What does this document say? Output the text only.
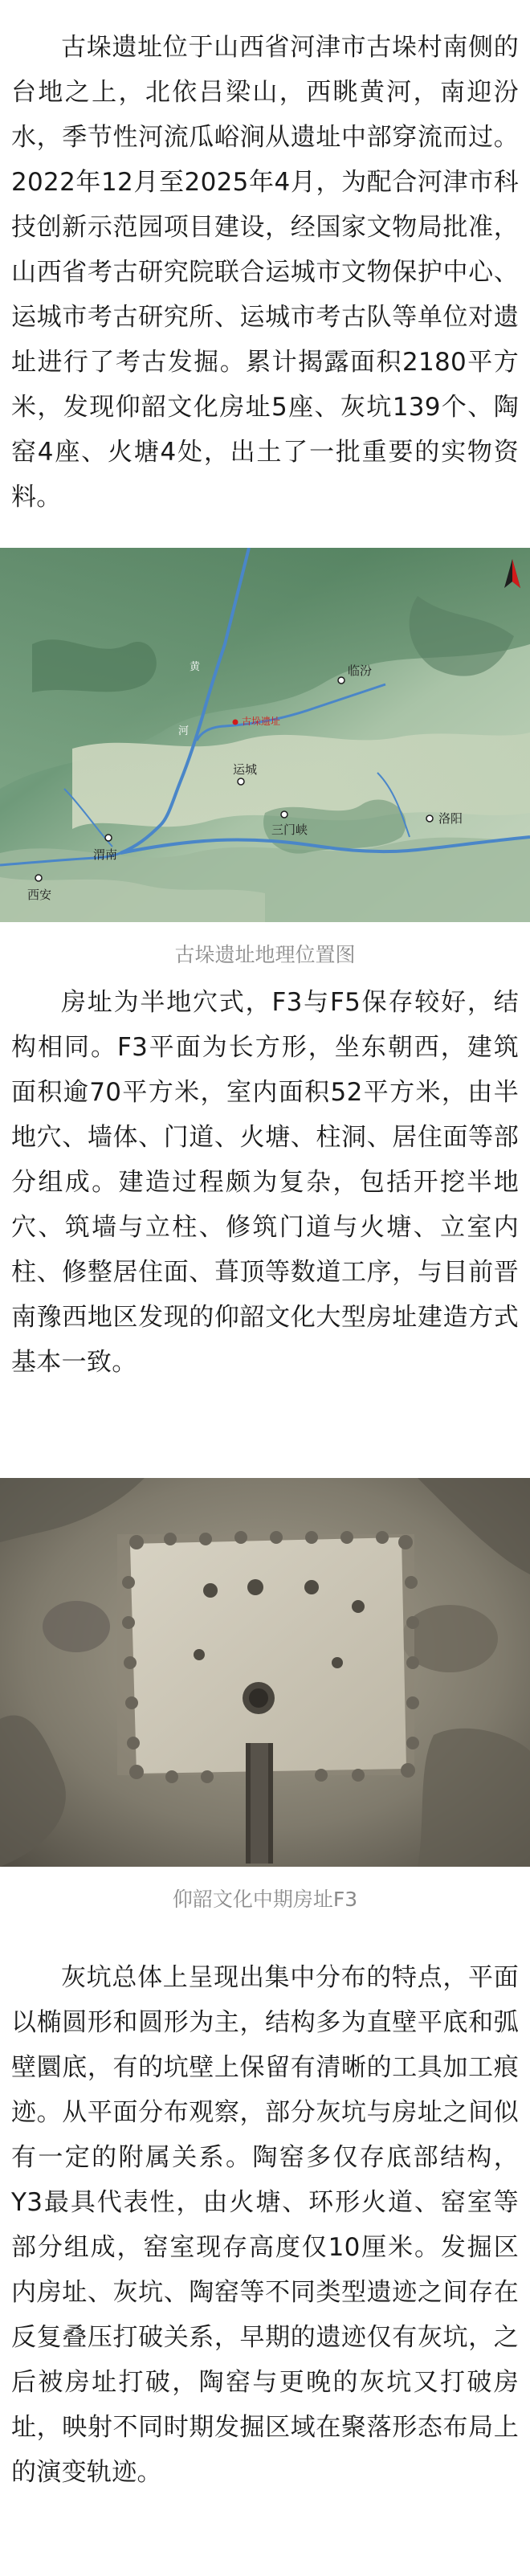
古垛遗址位于山西省河津市古垛村南侧的台地之上，北依吕梁山，西眺黄河，南迎汾水，季节性河流瓜峪涧从遗址中部穿流而过。2022年12月至2025年4月，为配合河津市科技创新示范园项目建设，经国家文物局批准，山西省考古研究院联合运城市文物保护中心、运城市考古研究所、运城市考古队等单位对遗址进行了考古发掘。累计揭露面积2180平方米，发现仰韶文化房址5座、灰坑139个、陶窑4座、火塘4处，出土了一批重要的实物资料。

临汾
古垛遗址
运城
三门峡
洛阳
渭南
西安
黄
河
古垛遗址地理位置图

房址为半地穴式，F3与F5保存较好，结构相同。F3平面为长方形，坐东朝西，建筑面积逾70平方米，室内面积52平方米，由半地穴、墙体、门道、火塘、柱洞、居住面等部分组成。建造过程颇为复杂，包括开挖半地穴、筑墙与立柱、修筑门道与火塘、立室内柱、修整居住面、葺顶等数道工序，与目前晋南豫西地区发现的仰韶文化大型房址建造方式基本一致。

仰韶文化中期房址F3

灰坑总体上呈现出集中分布的特点，平面以椭圆形和圆形为主，结构多为直壁平底和弧壁圜底，有的坑壁上保留有清晰的工具加工痕迹。从平面分布观察，部分灰坑与房址之间似有一定的附属关系。陶窑多仅存底部结构，Y3最具代表性，由火塘、环形火道、窑室等部分组成，窑室现存高度仅10厘米。发掘区内房址、灰坑、陶窑等不同类型遗迹之间存在反复叠压打破关系，早期的遗迹仅有灰坑，之后被房址打破，陶窑与更晚的灰坑又打破房址，映射不同时期发掘区域在聚落形态布局上的演变轨迹。
